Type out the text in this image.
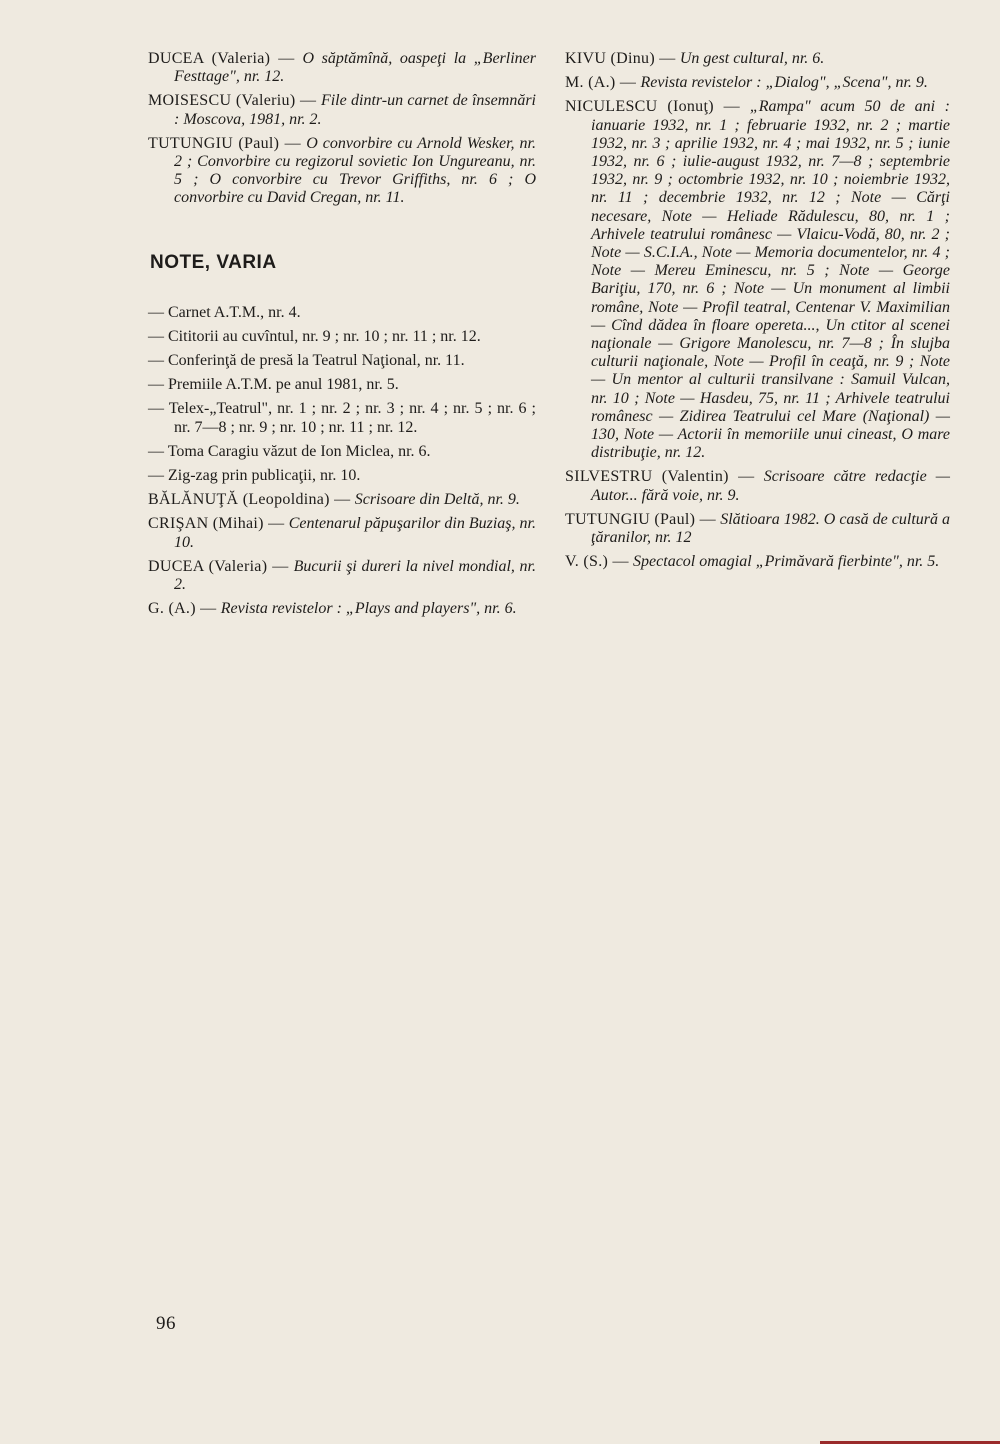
DUCEA (Valeria) — O săptămînă, oaspeţi la „Berliner Festtage", nr. 12.

MOISESCU (Valeriu) — File dintr-un carnet de însemnări : Moscova, 1981, nr. 2.

TUTUNGIU (Paul) — O convorbire cu Arnold Wesker, nr. 2 ; Convorbire cu regizorul sovietic Ion Ungureanu, nr. 5 ; O convorbire cu Trevor Griffiths, nr. 6 ; O convorbire cu David Cregan, nr. 11.

NOTE, VARIA

— Carnet A.T.M., nr. 4.

— Cititorii au cuvîntul, nr. 9 ; nr. 10 ; nr. 11 ; nr. 12.

— Conferinţă de presă la Teatrul Naţional, nr. 11.

— Premiile A.T.M. pe anul 1981, nr. 5.

— Telex-„Teatrul", nr. 1 ; nr. 2 ; nr. 3 ; nr. 4 ; nr. 5 ; nr. 6 ; nr. 7—8 ; nr. 9 ; nr. 10 ; nr. 11 ; nr. 12.

— Toma Caragiu văzut de Ion Miclea, nr. 6.

— Zig-zag prin publicaţii, nr. 10.

BĂLĂNUŢĂ (Leopoldina) — Scrisoare din Deltă, nr. 9.

CRIŞAN (Mihai) — Centenarul păpuşarilor din Buziaş, nr. 10.

DUCEA (Valeria) — Bucurii şi dureri la nivel mondial, nr. 2.

G. (A.) — Revista revistelor : „Plays and players", nr. 6.

KIVU (Dinu) — Un gest cultural, nr. 6.

M. (A.) — Revista revistelor : „Dialog", „Scena", nr. 9.

NICULESCU (Ionuţ) — „Rampa" acum 50 de ani : ianuarie 1932, nr. 1 ; februarie 1932, nr. 2 ; martie 1932, nr. 3 ; aprilie 1932, nr. 4 ; mai 1932, nr. 5 ; iunie 1932, nr. 6 ; iulie-august 1932, nr. 7—8 ; septembrie 1932, nr. 9 ; octombrie 1932, nr. 10 ; noiembrie 1932, nr. 11 ; decembrie 1932, nr. 12 ; Note — Cărţi necesare, Note — Heliade Rădulescu, 80, nr. 1 ; Arhivele teatrului românesc — Vlaicu-Vodă, 80, nr. 2 ; Note — S.C.I.A., Note — Memoria documentelor, nr. 4 ; Note — Mereu Eminescu, nr. 5 ; Note — George Bariţiu, 170, nr. 6 ; Note — Un monument al limbii române, Note — Profil teatral, Centenar V. Maximilian — Cînd dădea în floare opereta..., Un ctitor al scenei naţionale — Grigore Manolescu, nr. 7—8 ; În slujba culturii naţionale, Note — Profil în ceaţă, nr. 9 ; Note — Un mentor al culturii transilvane : Samuil Vulcan, nr. 10 ; Note — Hasdeu, 75, nr. 11 ; Arhivele teatrului românesc — Zidirea Teatrului cel Mare (Naţional) — 130, Note — Actorii în memoriile unui cineast, O mare distribuţie, nr. 12.

SILVESTRU (Valentin) — Scrisoare către redacţie — Autor... fără voie, nr. 9.

TUTUNGIU (Paul) — Slătioara 1982. O casă de cultură a ţăranilor, nr. 12

V. (S.) — Spectacol omagial „Primăvară fierbinte", nr. 5.

96
